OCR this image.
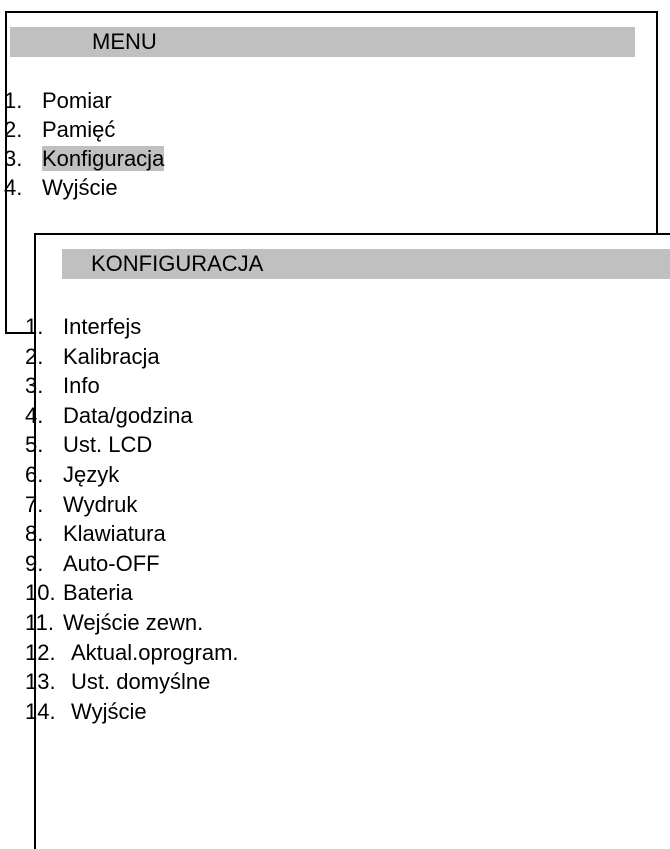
MENU
1. Pomiar
2. Pamięć
3. Konfiguracja
4. Wyjście
KONFIGURACJA
1. Interfejs
2. Kalibracja
3. Info
4. Data/godzina
5. Ust. LCD
6. Język
7. Wydruk
8. Klawiatura
9. Auto-OFF
10. Bateria
11. Wejście zewn.
12. Aktual.oprogram.
13. Ust. domyślne
14. Wyjście
